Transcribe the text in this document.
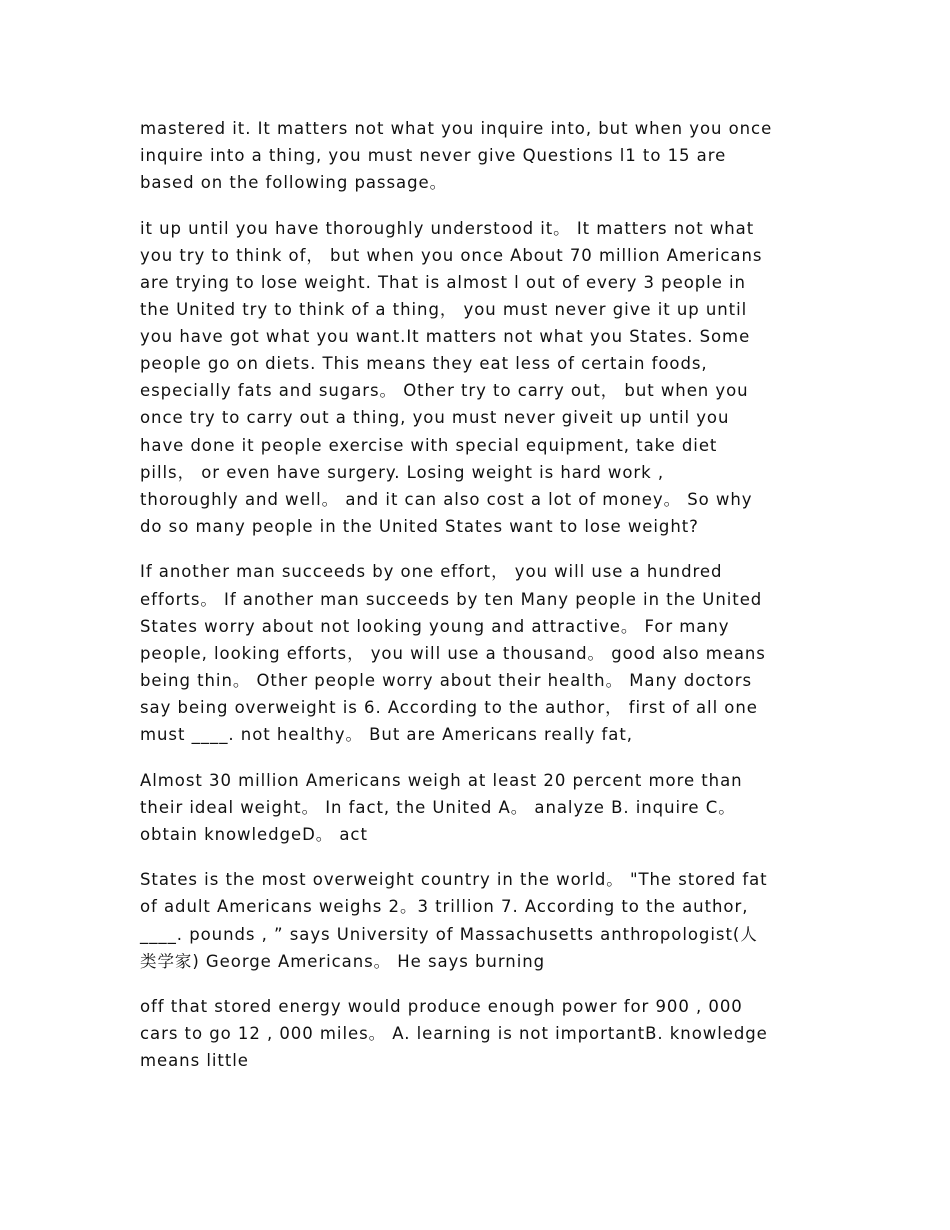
mastered it. It matters not what you inquire into, but when you once
inquire into a thing, you must never give Questions l1 to 15 are
based on the following passage。

it up until you have thoroughly understood it。 It matters not what
you try to think of， but when you once About 70 million Americans
are trying to lose weight. That is almost l out of every 3 people in
the United try to think of a thing， you must never give it up until
you have got what you want.It matters not what you States. Some
people go on diets. This means they eat less of certain foods,
especially fats and sugars。 Other try to carry out， but when you
once try to carry out a thing, you must never giveit up until you
have done it people exercise with special equipment, take diet
pills， or even have surgery. Losing weight is hard work ,
thoroughly and well。 and it can also cost a lot of money。 So why
do so many people in the United States want to lose weight?

If another man succeeds by one effort， you will use a hundred
efforts。 If another man succeeds by ten Many people in the United
States worry about not looking young and attractive。 For many
people, looking efforts， you will use a thousand。 good also means
being thin。 Other people worry about their health。 Many doctors
say being overweight is 6. According to the author， first of all one
must ____. not healthy。 But are Americans really fat,

Almost 30 million Americans weigh at least 20 percent more than
their ideal weight。 In fact, the United A。 analyze B. inquire C。
obtain knowledgeD。 act

States is the most overweight country in the world。 "The stored fat
of adult Americans weighs 2。3 trillion 7. According to the author,
____. pounds , ” says University of Massachusetts anthropologist(人
类学家) George Americans。 He says burning

off that stored energy would produce enough power for 900 , 000
cars to go 12 , 000 miles。 A. learning is not importantB. knowledge
means little
